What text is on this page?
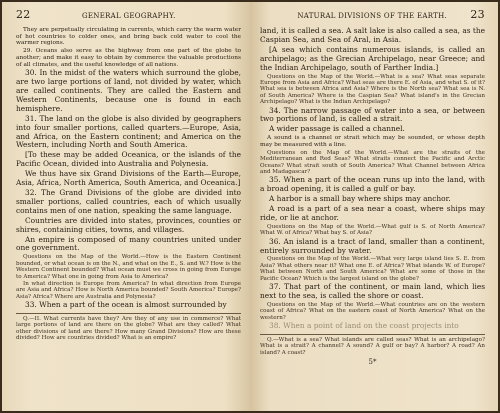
22	GENERAL GEOGRAPHY.

They are perpetually circulating in currents, which carry the warm water of hot countries to colder ones, and bring back cold water to cool the warmer regions.

29. Oceans also serve as the highway from one part of the globe to another; and make it easy to obtain by commerce the valuable productions of all climates, and the useful knowledge of all nations.

30. In the midst of the waters which surround the globe, are two large portions of land, not divided by water, which are called continents. They are called the Eastern and Western Continents, because one is found in each hemisphere.

31. The land on the globe is also divided by geographers into four smaller portions, called quarters.—Europe, Asia, and Africa, on the Eastern continent; and America on the Western, including North and South America.

[To these may be added Oceanica, or the islands of the Pacific Ocean, divided into Australia and Polynesia.

We thus have six Grand Divisions of the Earth—Europe, Asia, Africa, North America, South America, and Oceanica.]

32. The Grand Divisions of the globe are divided into smaller portions, called countries, each of which usually contains men of one nation, speaking the same language.

Countries are divided into states, provinces, counties or shires, containing cities, towns, and villages.

An empire is composed of many countries united under one government.

Questions on the Map of the World.—How is the Eastern Continent bounded, or what ocean is on the N., and what on the E., S. and W.? How is the Western Continent bounded? What ocean must we cross in going from Europe to America? What one in going from Asia to America?

In what direction is Europe from America? In what direction from Europe are Asia and Africa? How is North America bounded? South America? Europe? Asia? Africa? Where are Australia and Polynesia?

33. When a part of the ocean is almost surrounded by

Q.—II. What currents have they? Are they of any use in commerce? What large portions of land are there on the globe? What are they called? What other divisions of land are there? How many Grand Divisions? How are these divided? How are countries divided? What is an empire?

NATURAL DIVISIONS OF THE EARTH. 23

land, it is called a sea. A salt lake is also called a sea, as the Caspian Sea, and Sea of Aral, in Asia.

[A sea which contains numerous islands, is called an archipelago; as the Grecian Archipelago, near Greece; and the Indian Archipelago, south of Farther India.]

Questions on the Map of the World.—What is a sea? What seas separate Europe from Asia and Africa? What seas are there E. of Asia, and what S. of it? What sea is between Africa and Asia? Where is the North sea? What sea is N. of South America? Where is the Caspian Sea? What island's in the Grecian Archipelago? What is the Indian Archipelago?

34. The narrow passage of water into a sea, or between two portions of land, is called a strait.

A wider passage is called a channel.

A sound is a channel or strait which may be sounded, or whose depth may be measured with a line.

Questions on the Map of the World.—What are the straits of the Mediterranean and Red Seas? What straits connect the Pacific and Arctic Oceans? What strait south of South America? What Channel between Africa and Madagascar?

35. When a part of the ocean runs up into the land, with a broad opening, it is called a gulf or bay.

A harbor is a small bay where ships may anchor.

A road is a part of a sea near a coast, where ships may ride, or lie at anchor.

Questions on the Map of the World.—What gulf is S. of North America? What W. of Africa? What bay S. of Asia?

36. An island is a tract of land, smaller than a continent, entirely surrounded by water.

Questions on the Map of the World.—What very large island lies S. E. from Asia? What others near it? What one E. of Africa? What islands W. of Europe? What between North and South America? What are some of those in the Pacific Ocean? Which is the largest island on the globe?

37. That part of the continent, or main land, which lies next to the sea, is called the shore or coast.

Questions on the Map of the World.—What countries are on the western coast of Africa? What on the eastern coast of North America? What on the western?

38. When a point of land on the coast projects into

Q.—What is a sea? What islands are called seas? What is an archipelago? What is a strait? A channel? A sound? A gulf or bay? A harbor? A road? An island? A coast?

5*
